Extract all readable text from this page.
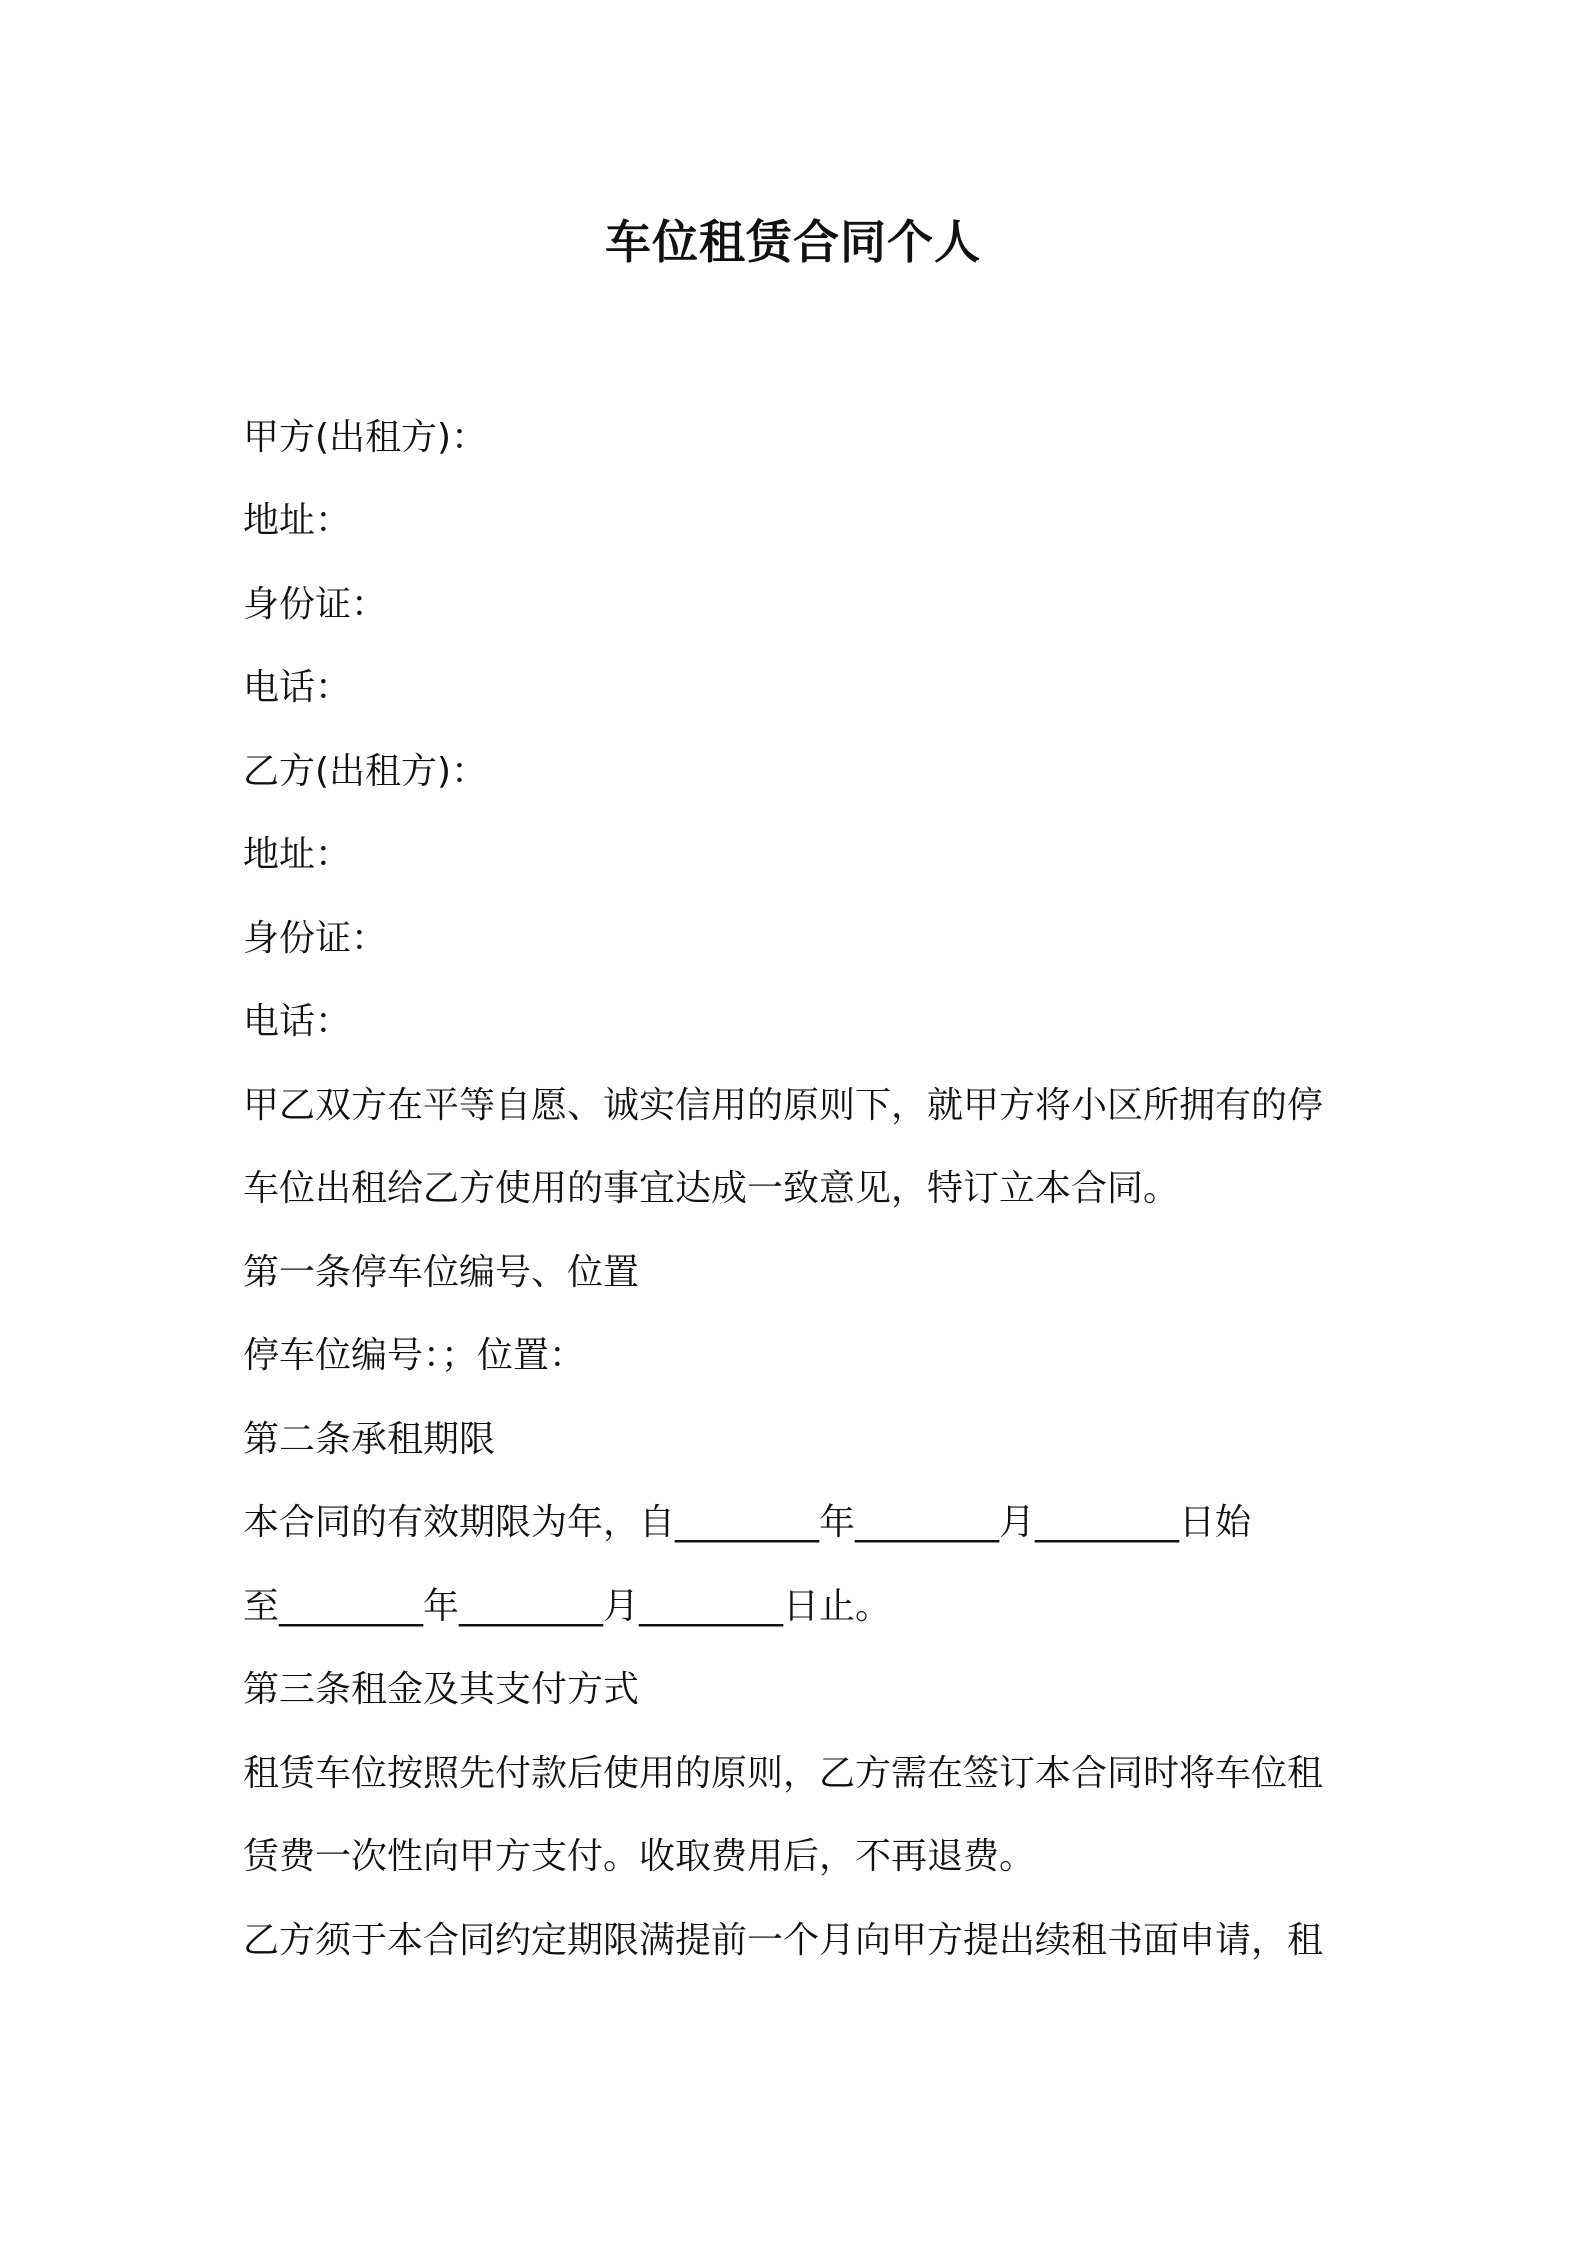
车位租赁合同个人

甲方(出租方)：

地址：

身份证：

电话：

乙方(出租方)：

地址：

身份证：

电话：

甲乙双方在平等自愿、诚实信用的原则下，就甲方将小区所拥有的停

车位出租给乙方使用的事宜达成一致意见，特订立本合同。

第一条停车位编号、位置

停车位编号：；位置：

第二条承租期限

本合同的有效期限为年，自________年________月________日始

至________年________月________日止。

第三条租金及其支付方式

租赁车位按照先付款后使用的原则，乙方需在签订本合同时将车位租

赁费一次性向甲方支付。收取费用后，不再退费。

乙方须于本合同约定期限满提前一个月向甲方提出续租书面申请，租
